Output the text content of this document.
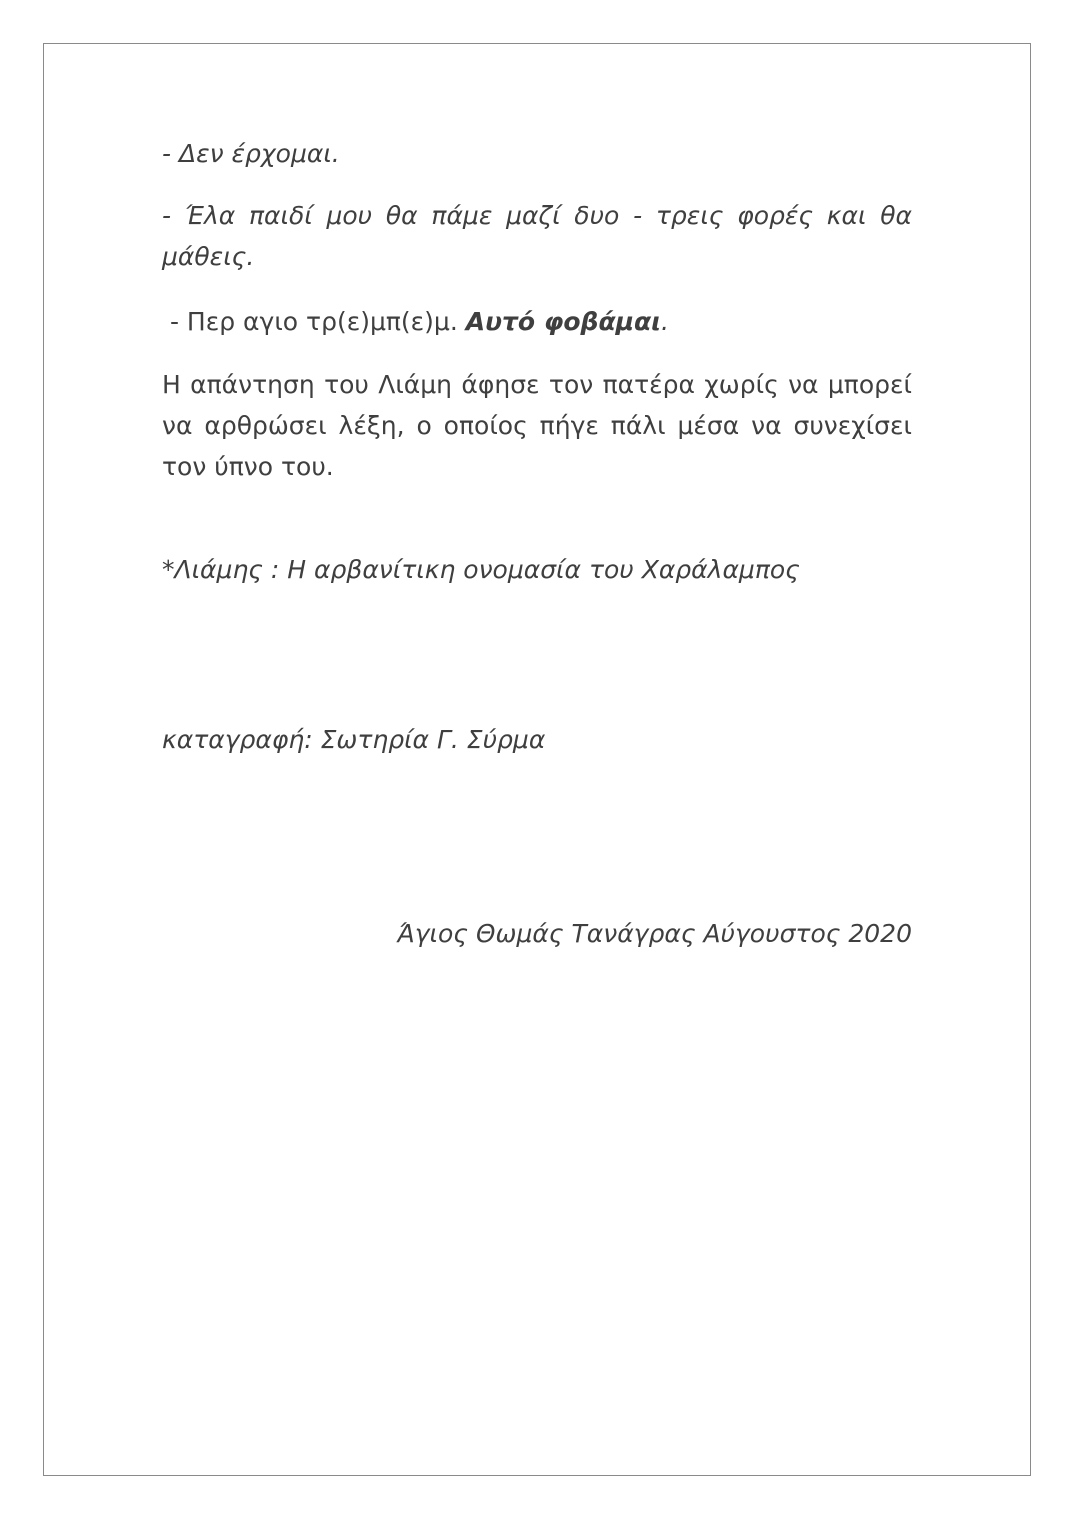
- Δεν έρχομαι.

- Έλα παιδί μου θα πάμε μαζί δυο - τρεις φορές και θα μάθεις.

- Περ αγιο τρ(ε)μπ(ε)μ. Αυτό φοβάμαι.

Η απάντηση του Λιάμη άφησε τον πατέρα χωρίς να μπορεί να αρθρώσει λέξη, ο οποίος πήγε πάλι μέσα να συνεχίσει τον ύπνο του.

*Λιάμης : Η αρβανίτικη ονομασία του Χαράλαμπος

καταγραφή: Σωτηρία Γ. Σύρμα

Άγιος Θωμάς Τανάγρας Αύγουστος 2020
